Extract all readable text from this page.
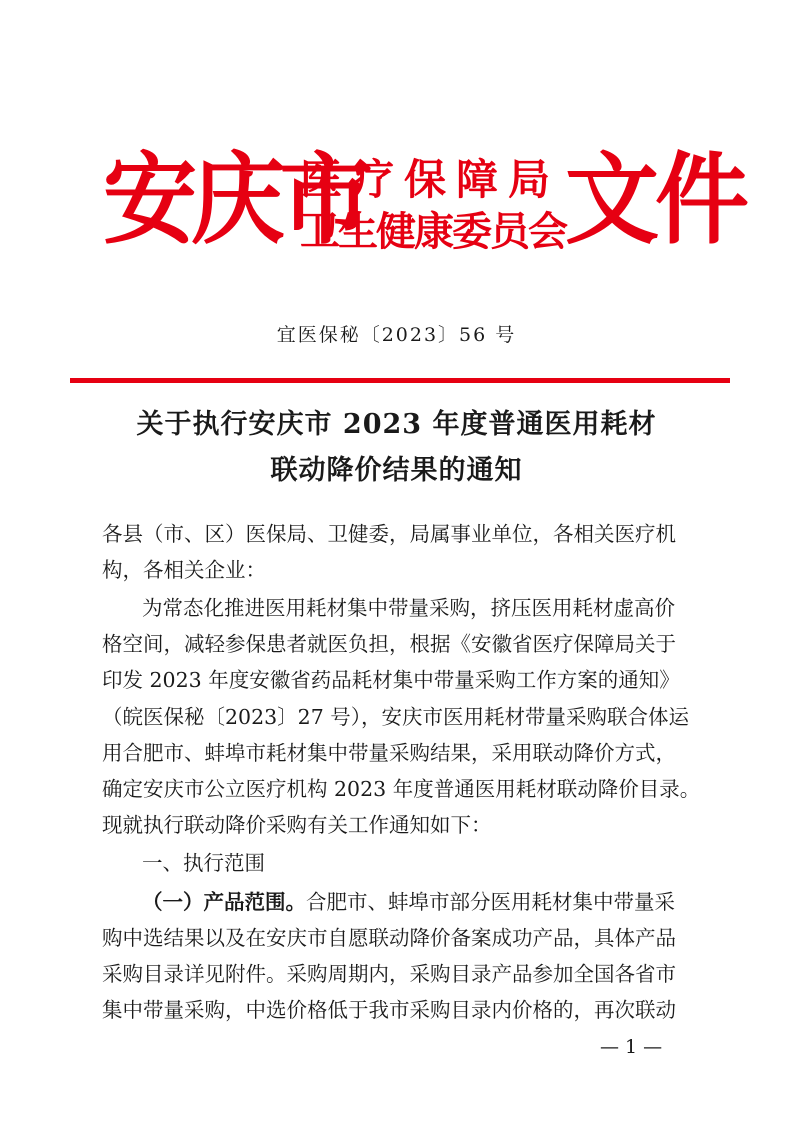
安庆市
医疗保障局
卫生健康委员会 文件
宜医保秘〔2023〕56 号
关于执行安庆市 2023 年度普通医用耗材
联动降价结果的通知
各县（市、区）医保局、卫健委，局属事业单位，各相关医疗机
构，各相关企业：
为常态化推进医用耗材集中带量采购，挤压医用耗材虚高价
格空间，减轻参保患者就医负担，根据《安徽省医疗保障局关于
印发 2023 年度安徽省药品耗材集中带量采购工作方案的通知》
（皖医保秘〔2023〕27 号），安庆市医用耗材带量采购联合体运
用合肥市、蚌埠市耗材集中带量采购结果，采用联动降价方式，
确定安庆市公立医疗机构 2023 年度普通医用耗材联动降价目录。
现就执行联动降价采购有关工作通知如下：
一、执行范围
（一）产品范围。合肥市、蚌埠市部分医用耗材集中带量采
购中选结果以及在安庆市自愿联动降价备案成功产品，具体产品
采购目录详见附件。采购周期内，采购目录产品参加全国各省市
集中带量采购，中选价格低于我市采购目录内价格的，再次联动
— 1 —
